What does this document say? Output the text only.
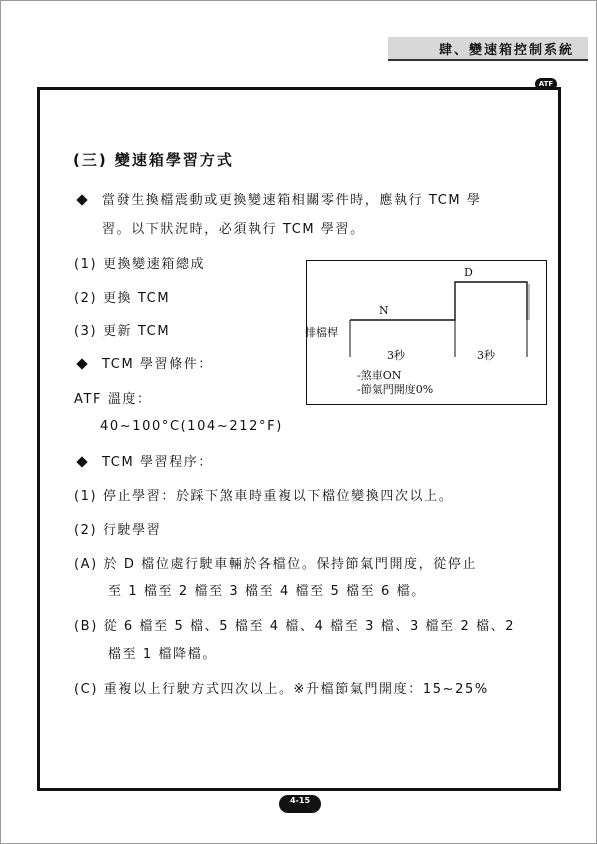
肆、變速箱控制系統
ATF
(三) 變速箱學習方式
當發生換檔震動或更換變速箱相關零件時，應執行 TCM 學
習。以下狀況時，必須執行 TCM 學習。
(1) 更換變速箱總成
(2) 更換 TCM
(3) 更新 TCM
TCM 學習條件：
ATF 溫度：
40~100°C(104~212°F)
TCM 學習程序：
(1) 停止學習：於踩下煞車時重複以下檔位變換四次以上。
(2) 行駛學習
(A) 於 D 檔位處行駛車輛於各檔位。保持節氣門開度，從停止
至 1 檔至 2 檔至 3 檔至 4 檔至 5 檔至 6 檔。
(B) 從 6 檔至 5 檔、5 檔至 4 檔、4 檔至 3 檔、3 檔至 2 檔、2
檔至 1 檔降檔。
(C) 重複以上行駛方式四次以上。※升檔節氣門開度：15~25%
D
N
排檔桿
3秒	3秒
-煞車ON
-節氣門開度0%
4-15
